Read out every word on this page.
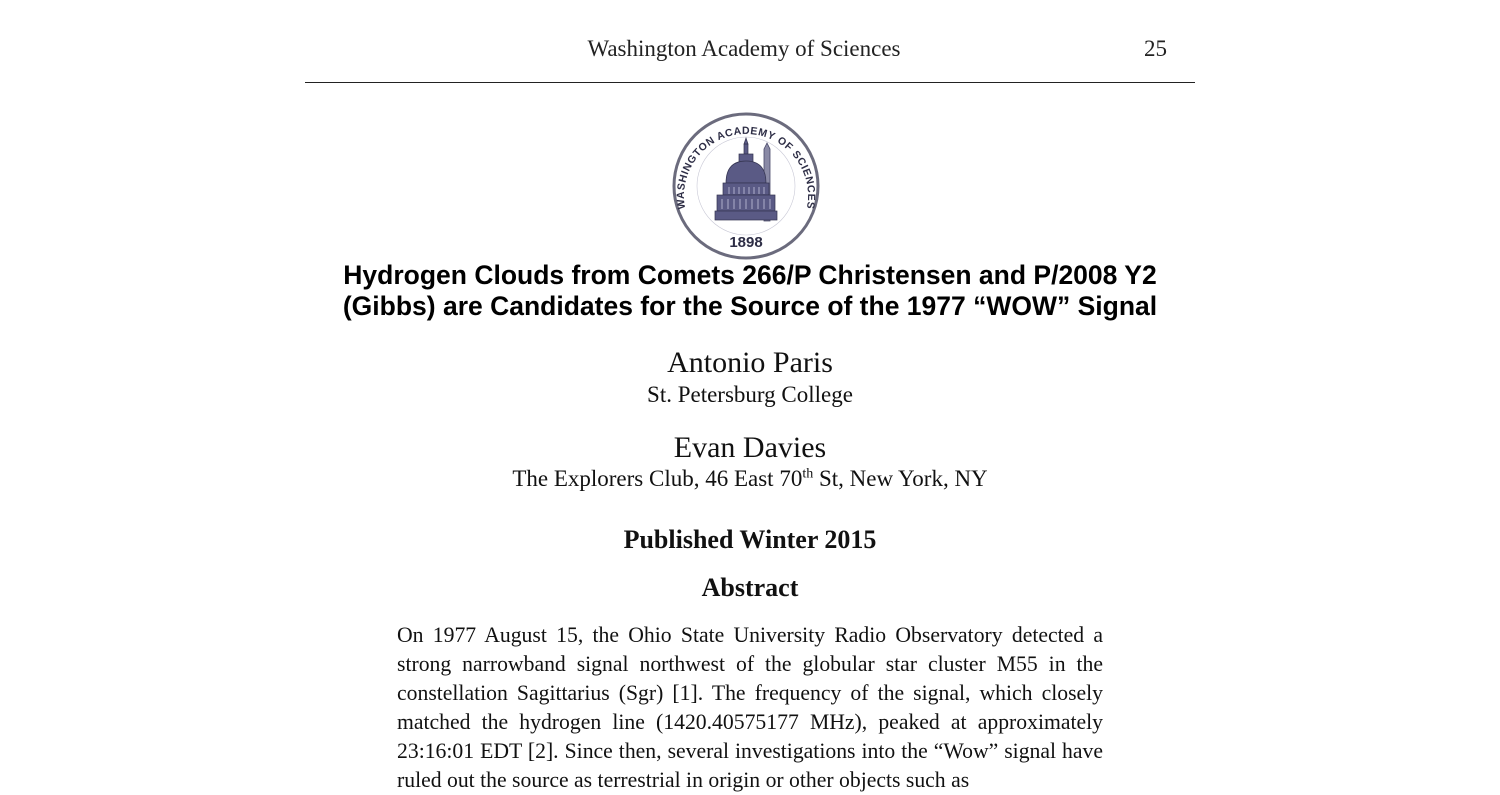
Washington Academy of Sciences	25
WASHINGTON ACADEMY OF SCIENCES
1898
Hydrogen Clouds from Comets 266/P Christensen and P/2008 Y2
(Gibbs) are Candidates for the Source of the 1977 “WOW” Signal
Antonio Paris
St. Petersburg College
Evan Davies
The Explorers Club, 46 East 70th St, New York, NY
Published Winter 2015
Abstract
On 1977 August 15, the Ohio State University Radio Observatory detected a strong narrowband signal northwest of the globular star cluster M55 in the constellation Sagittarius (Sgr) [1]. The frequency of the signal, which closely matched the hydrogen line (1420.40575177 MHz), peaked at approximately 23:16:01 EDT [2]. Since then, several investigations into the “Wow” signal have ruled out the source as terrestrial in origin or other objects such as
